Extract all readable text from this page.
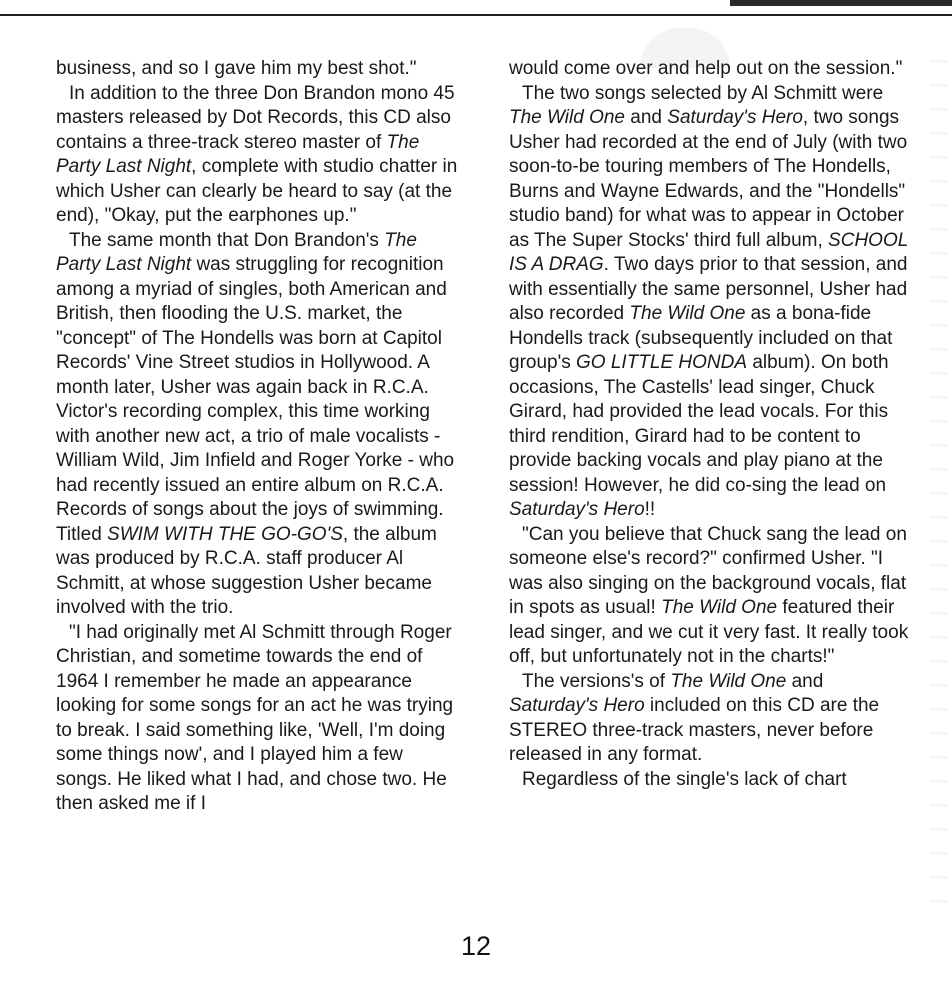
business, and so I gave him my best shot."

In addition to the three Don Brandon mono 45 masters released by Dot Records, this CD also contains a three-track stereo master of The Party Last Night, complete with studio chatter in which Usher can clearly be heard to say (at the end), "Okay, put the earphones up."

The same month that Don Brandon's The Party Last Night was struggling for recognition among a myriad of singles, both American and British, then flooding the U.S. market, the "concept" of The Hondells was born at Capitol Records' Vine Street studios in Hollywood. A month later, Usher was again back in R.C.A. Victor's recording complex, this time working with another new act, a trio of male vocalists - William Wild, Jim Infield and Roger Yorke - who had recently issued an entire album on R.C.A. Records of songs about the joys of swimming. Titled SWIM WITH THE GO-GO'S, the album was produced by R.C.A. staff producer Al Schmitt, at whose suggestion Usher became involved with the trio.

"I had originally met Al Schmitt through Roger Christian, and sometime towards the end of 1964 I remember he made an appearance looking for some songs for an act he was trying to break. I said something like, 'Well, I'm doing some things now', and I played him a few songs. He liked what I had, and chose two. He then asked me if I

would come over and help out on the session."

The two songs selected by Al Schmitt were The Wild One and Saturday's Hero, two songs Usher had recorded at the end of July (with two soon-to-be touring members of The Hondells, Burns and Wayne Edwards, and the "Hondells" studio band) for what was to appear in October as The Super Stocks' third full album, SCHOOL IS A DRAG. Two days prior to that session, and with essentially the same personnel, Usher had also recorded The Wild One as a bona-fide Hondells track (subsequently included on that group's GO LITTLE HONDA album). On both occasions, The Castells' lead singer, Chuck Girard, had provided the lead vocals. For this third rendition, Girard had to be content to provide backing vocals and play piano at the session! However, he did co-sing the lead on Saturday's Hero!!

"Can you believe that Chuck sang the lead on someone else's record?" confirmed Usher. "I was also singing on the background vocals, flat in spots as usual! The Wild One featured their lead singer, and we cut it very fast. It really took off, but unfortunately not in the charts!"

The versions's of The Wild One and Saturday's Hero included on this CD are the STEREO three-track masters, never before released in any format.

Regardless of the single's lack of chart

12
